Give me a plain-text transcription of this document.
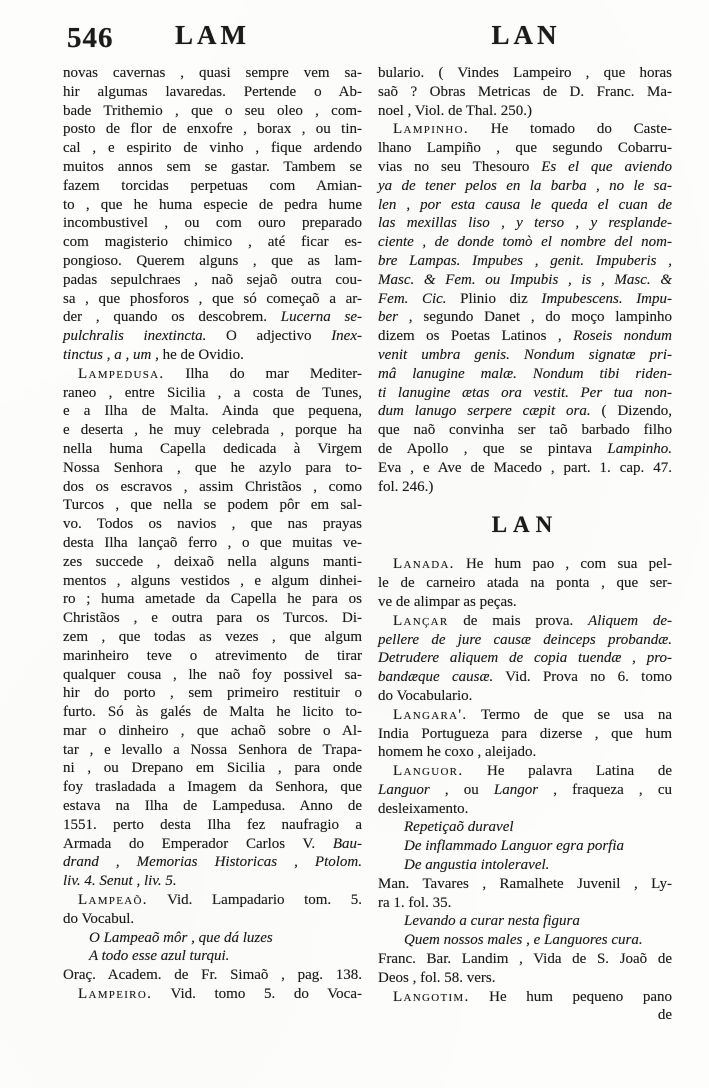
546	LAM	LAN
novas cavernas , quasi sempre vem sa-
hir algumas lavaredas. Pertende o Ab-
bade Trithemio , que o seu oleo , com-
posto de flor de enxofre , borax , ou tin-
cal , e espirito de vinho , fique ardendo
muitos annos sem se gastar. Tambem se
fazem torcidas perpetuas com Amian-
to , que he huma especie de pedra hume
incombustivel , ou com ouro preparado
com magisterio chimico , até ficar es-
pongioso. Querem alguns , que as lam-
padas sepulchraes , naõ sejaõ outra cou-
sa , que phosforos , que só começaõ a ar-
der , quando os descobrem. Lucerna se-
pulchralis inextincta. O adjectivo Inex-
tinctus , a , um , he de Ovidio.
Lampedusa. Ilha do mar Mediter-
raneo , entre Sicilia , a costa de Tunes,
e a Ilha de Malta. Ainda que pequena,
e deserta , he muy celebrada , porque ha
nella huma Capella dedicada à Virgem
Nossa Senhora , que he azylo para to-
dos os escravos , assim Christãos , como
Turcos , que nella se podem pôr em sal-
vo. Todos os navios , que nas prayas
desta Ilha lançaõ ferro , o que muitas ve-
zes succede , deixaõ nella alguns manti-
mentos , alguns vestidos , e algum dinhei-
ro ; huma ametade da Capella he para os
Christãos , e outra para os Turcos. Di-
zem , que todas as vezes , que algum
marinheiro teve o atrevimento de tirar
qualquer cousa , lhe naõ foy possivel sa-
hir do porto , sem primeiro restituir o
furto. Só às galés de Malta he licito to-
mar o dinheiro , que achaõ sobre o Al-
tar , e levallo a Nossa Senhora de Trapa-
ni , ou Drepano em Sicilia , para onde
foy trasladada a Imagem da Senhora, que
estava na Ilha de Lampedusa. Anno de
1551. perto desta Ilha fez naufragio a
Armada do Emperador Carlos V. Bau-
drand , Memorias Historicas , Ptolom.
liv. 4. Senut , liv. 5.
Lampeaõ. Vid. Lampadario tom. 5.
do Vocabul.
O Lampeaõ môr , que dá luzes
A todo esse azul turqui.
Oraç. Academ. de Fr. Simaõ , pag. 138.
Lampeiro. Vid. tomo 5. do Voca-
bulario. ( Vindes Lampeiro , que horas
saõ ? Obras Metricas de D. Franc. Ma-
noel , Viol. de Thal. 250.)
Lampinho. He tomado do Caste-
lhano Lampiño , que segundo Cobarru-
vias no seu Thesouro Es el que aviendo
ya de tener pelos en la barba , no le sa-
len , por esta causa le queda el cuan de
las mexillas liso , y terso , y resplande-
ciente , de donde tomò el nombre del nom-
bre Lampas. Impubes , genit. Impuberis ,
Masc. & Fem. ou Impubis , is , Masc. &
Fem. Cic. Plinio diz Impubescens. Impu-
ber , segundo Danet , do moço lampinho
dizem os Poetas Latinos , Roseis nondum
venit umbra genis. Nondum signatæ pri-
mâ lanugine malæ. Nondum tibi riden-
ti lanugine ætas ora vestit. Per tua non-
dum lanugo serpere cæpit ora. ( Dizendo,
que naõ convinha ser taõ barbado filho
de Apollo , que se pintava Lampinho.
Eva , e Ave de Macedo , part. 1. cap. 47.
fol. 246.)
LAN
Lanada. He hum pao , com sua pel-
le de carneiro atada na ponta , que ser-
ve de alimpar as peças.
Lançar de mais prova. Aliquem de-
pellere de jure causæ deinceps probandæ.
Detrudere aliquem de copia tuendæ , pro-
bandæque causæ. Vid. Prova no 6. tomo
do Vocabulario.
Langara'. Termo de que se usa na
India Portugueza para dizerse , que hum
homem he coxo , aleijado.
Languor. He palavra Latina de
Languor , ou Langor , fraqueza , cu
desleixamento.
Repetiçaõ duravel
De inflammado Languor egra porfia
De angustia intoleravel.
Man. Tavares , Ramalhete Juvenil , Ly-
ra 1. fol. 35.
Levando a curar nesta figura
Quem nossos males , e Languores cura.
Franc. Bar. Landim , Vida de S. Joaõ de
Deos , fol. 58. vers.
Langotim. He hum pequeno pano
de
